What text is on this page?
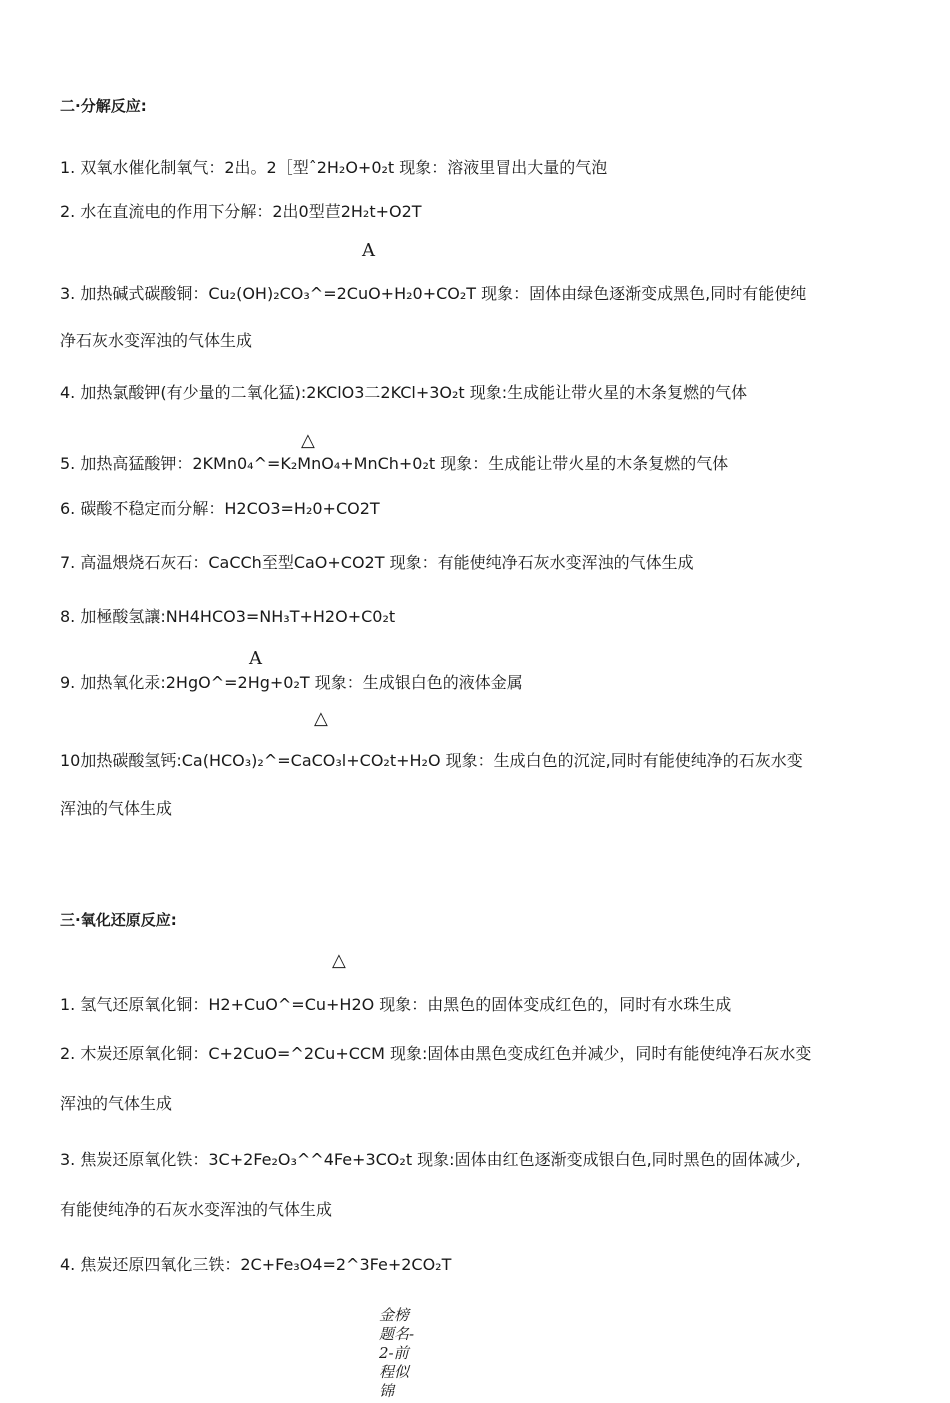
二·分解反应:
1. 双氧水催化制氧气：2出。2［型ˆ2H₂O+0₂t 现象：溶液里冒出大量的气泡
2. 水在直流电的作用下分解：2出0型苣2H₂t+O2T
A
3. 加热碱式碳酸铜：Cu₂(OH)₂CO₃^=2CuO+H₂0+CO₂T 现象：固体由绿色逐渐变成黑色,同时有能使纯
净石灰水变浑浊的气体生成
4. 加热氯酸钾(有少量的二氧化猛):2KClO3二2KCl+3O₂t 现象:生成能让带火星的木条复燃的气体
△
5. 加热高猛酸钾：2KMn0₄^=K₂MnO₄+MnCh+0₂t 现象：生成能让带火星的木条复燃的气体
6. 碳酸不稳定而分解：H2CO3=H₂0+CO2T
7. 高温煨烧石灰石：CaCCh至型CaO+CO2T 现象：有能使纯净石灰水变浑浊的气体生成
8. 加極酸氢讓:NH4HCO3=NH₃T+H2O+C0₂t
A
9. 加热氧化汞:2HgO^=2Hg+0₂T 现象：生成银白色的液体金属
△
10加热碳酸氢钙:Ca(HCO₃)₂^=CaCO₃l+CO₂t+H₂O 现象：生成白色的沉淀,同时有能使纯净的石灰水变
浑浊的气体生成
三·氧化还原反应:
△
1. 氢气还原氧化铜：H2+CuO^=Cu+H2O 现象：由黑色的固体变成红色的，同时有水珠生成
2. 木炭还原氧化铜：C+2CuO=^2Cu+CCM 现象:固体由黑色变成红色并减少，同时有能使纯净石灰水变
浑浊的气体生成
3. 焦炭还原氧化铁：3C+2Fe₂O₃^^4Fe+3CO₂t 现象:固体由红色逐渐变成银白色,同时黑色的固体减少,
有能使纯净的石灰水变浑浊的气体生成
4. 焦炭还原四氧化三铁：2C+Fe₃O4=2^3Fe+2CO₂T
金榜题名-2-前程似锦
